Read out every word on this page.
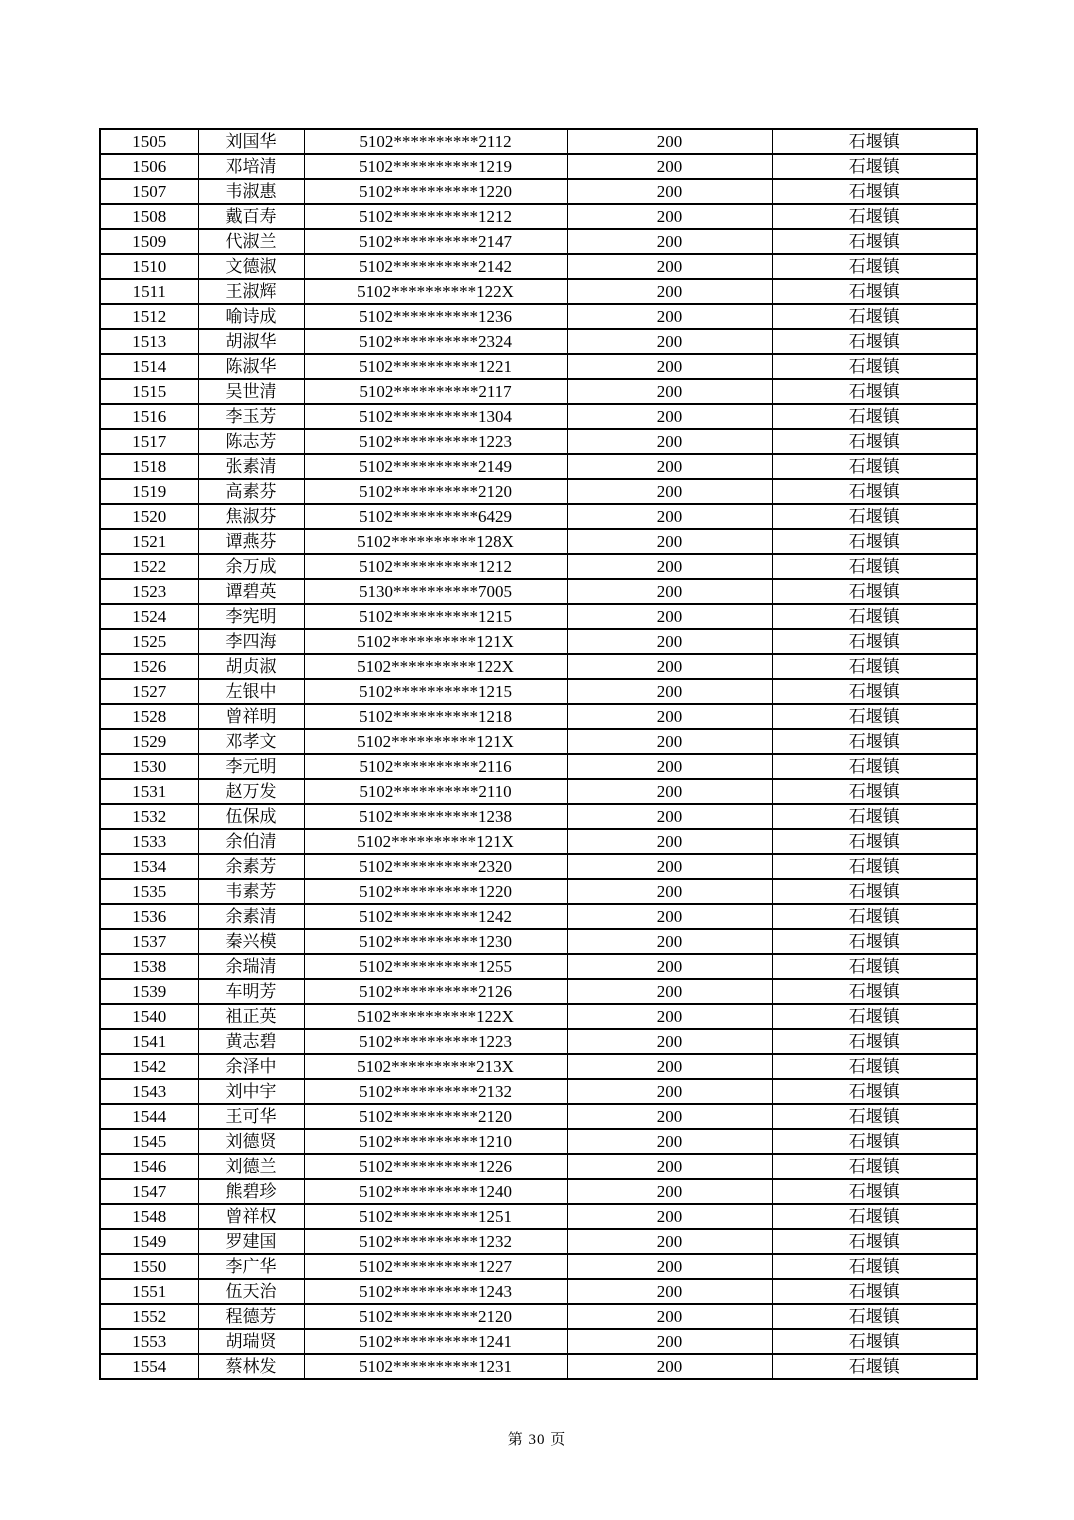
1505	刘国华	5102**********2112	200	石堰镇
1506	邓培清	5102**********1219	200	石堰镇
1507	韦淑惠	5102**********1220	200	石堰镇
1508	戴百寿	5102**********1212	200	石堰镇
1509	代淑兰	5102**********2147	200	石堰镇
1510	文德淑	5102**********2142	200	石堰镇
1511	王淑辉	5102**********122X	200	石堰镇
1512	喻诗成	5102**********1236	200	石堰镇
1513	胡淑华	5102**********2324	200	石堰镇
1514	陈淑华	5102**********1221	200	石堰镇
1515	吴世清	5102**********2117	200	石堰镇
1516	李玉芳	5102**********1304	200	石堰镇
1517	陈志芳	5102**********1223	200	石堰镇
1518	张素清	5102**********2149	200	石堰镇
1519	高素芬	5102**********2120	200	石堰镇
1520	焦淑芬	5102**********6429	200	石堰镇
1521	谭燕芬	5102**********128X	200	石堰镇
1522	余万成	5102**********1212	200	石堰镇
1523	谭碧英	5130**********7005	200	石堰镇
1524	李宪明	5102**********1215	200	石堰镇
1525	李四海	5102**********121X	200	石堰镇
1526	胡贞淑	5102**********122X	200	石堰镇
1527	左银中	5102**********1215	200	石堰镇
1528	曾祥明	5102**********1218	200	石堰镇
1529	邓孝文	5102**********121X	200	石堰镇
1530	李元明	5102**********2116	200	石堰镇
1531	赵万发	5102**********2110	200	石堰镇
1532	伍保成	5102**********1238	200	石堰镇
1533	余伯清	5102**********121X	200	石堰镇
1534	余素芳	5102**********2320	200	石堰镇
1535	韦素芳	5102**********1220	200	石堰镇
1536	余素清	5102**********1242	200	石堰镇
1537	秦兴模	5102**********1230	200	石堰镇
1538	余瑞清	5102**********1255	200	石堰镇
1539	车明芳	5102**********2126	200	石堰镇
1540	祖正英	5102**********122X	200	石堰镇
1541	黄志碧	5102**********1223	200	石堰镇
1542	余泽中	5102**********213X	200	石堰镇
1543	刘中宇	5102**********2132	200	石堰镇
1544	王可华	5102**********2120	200	石堰镇
1545	刘德贤	5102**********1210	200	石堰镇
1546	刘德兰	5102**********1226	200	石堰镇
1547	熊碧珍	5102**********1240	200	石堰镇
1548	曾祥权	5102**********1251	200	石堰镇
1549	罗建国	5102**********1232	200	石堰镇
1550	李广华	5102**********1227	200	石堰镇
1551	伍天治	5102**********1243	200	石堰镇
1552	程德芳	5102**********2120	200	石堰镇
1553	胡瑞贤	5102**********1241	200	石堰镇
1554	蔡林发	5102**********1231	200	石堰镇
第 30 页
